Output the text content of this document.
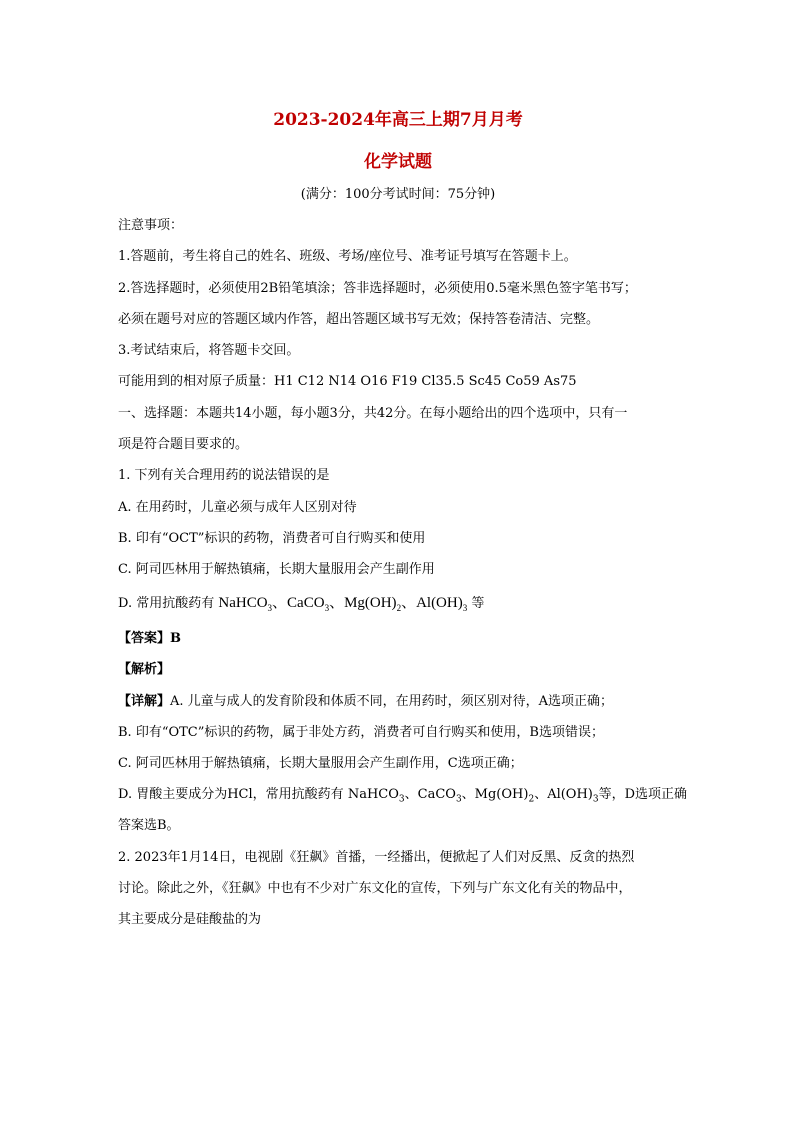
2023-2024年高三上期7月月考
化学试题
(满分：100分考试时间：75分钟)
注意事项：
1.答题前，考生将自己的姓名、班级、考场/座位号、准考证号填写在答题卡上。
2.答选择题时，必须使用2B铅笔填涂；答非选择题时，必须使用0.5毫米黑色签字笔书写；
必须在题号对应的答题区域内作答，超出答题区域书写无效；保持答卷清洁、完整。
3.考试结束后，将答题卡交回。
可能用到的相对原子质量：H1 C12 N14 O16 F19 Cl35.5 Sc45 Co59 As75
一、选择题：本题共14小题，每小题3分，共42分。在每小题给出的四个选项中，只有一
项是符合题目要求的。
1. 下列有关合理用药的说法错误的是
A. 在用药时，儿童必须与成年人区别对待
B. 印有“OCT”标识的药物，消费者可自行购买和使用
C. 阿司匹林用于解热镇痛，长期大量服用会产生副作用
D. 常用抗酸药有 NaHCO$_3$、CaCO$_3$、$Mg(OH)_2$、$Al(OH)_3$ 等
【答案】B
【解析】
【详解】A. 儿童与成人的发育阶段和体质不同，在用药时，须区别对待，A选项正确；
B. 印有“OTC”标识的药物，属于非处方药，消费者可自行购买和使用，B选项错误；
C. 阿司匹林用于解热镇痛，长期大量服用会产生副作用，C选项正确；
D. 胃酸主要成分为HCl，常用抗酸药有 NaHCO$_3$、CaCO$_3$、$Mg(OH)_2$、$Al(OH)_3$等，D选项正确
答案选B。
2. 2023年1月14日，电视剧《狂飙》首播，一经播出，便掀起了人们对反黑、反贪的热烈
讨论。除此之外，《狂飙》中也有不少对广东文化的宣传，下列与广东文化有关的物品中，
其主要成分是硅酸盐的为
